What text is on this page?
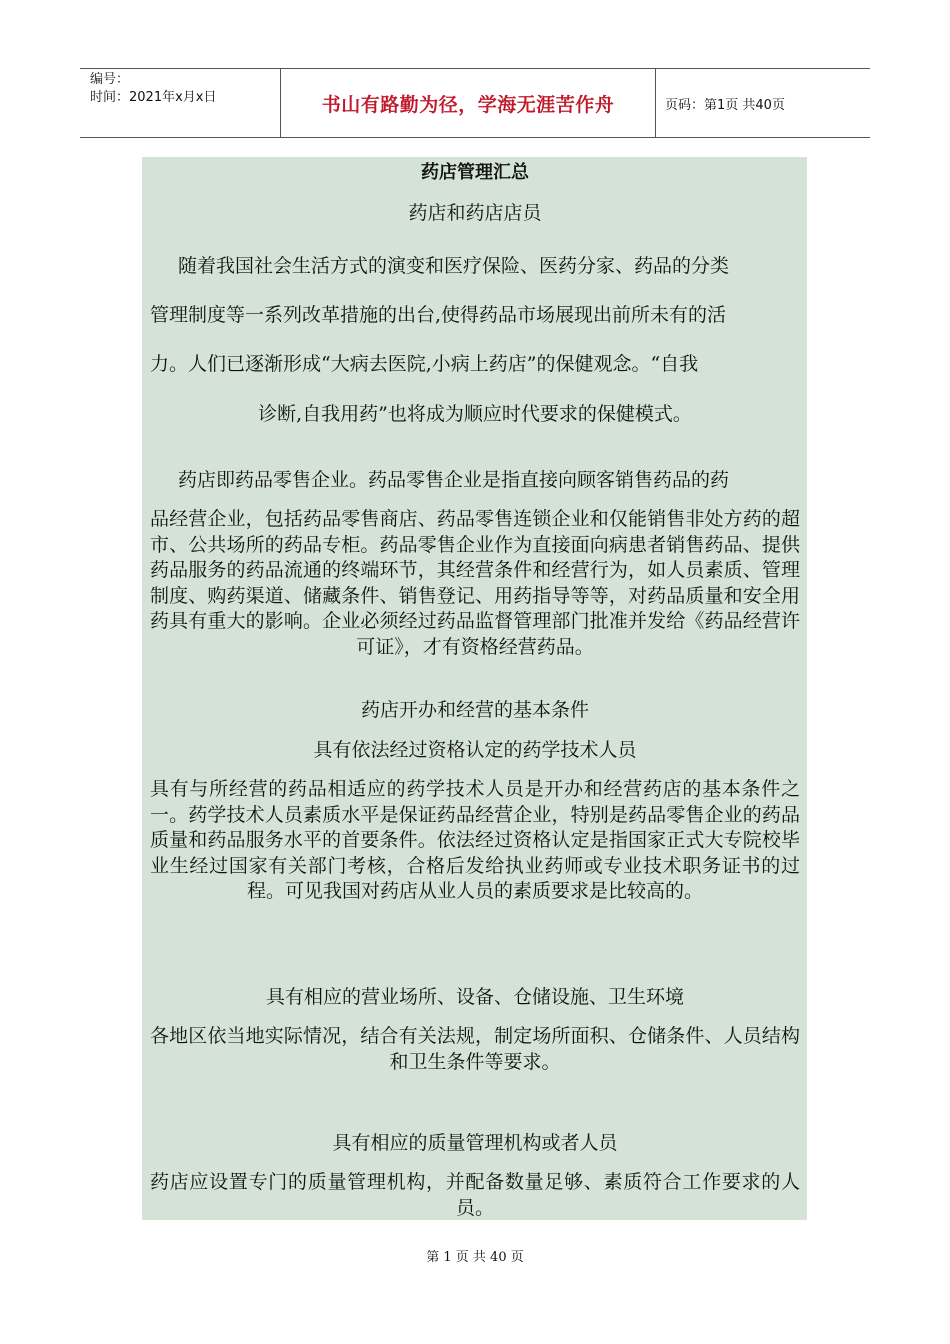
编号：
时间：2021年x月x日	书山有路勤为径，学海无涯苦作舟	页码：第1页 共40页
药店管理汇总
药店和药店店员
随着我国社会生活方式的演变和医疗保险、医药分家、药品的分类
管理制度等一系列改革措施的出台,使得药品市场展现出前所未有的活
力。人们已逐渐形成“大病去医院,小病上药店”的保健观念。“自我
诊断,自我用药”也将成为顺应时代要求的保健模式。
药店即药品零售企业。药品零售企业是指直接向顾客销售药品的药
品经营企业，包括药品零售商店、药品零售连锁企业和仅能销售非处方药的超市、公共场所的药品专柜。药品零售企业作为直接面向病患者销售药品、提供药品服务的药品流通的终端环节，其经营条件和经营行为，如人员素质、管理制度、购药渠道、储藏条件、销售登记、用药指导等等，对药品质量和安全用药具有重大的影响。企业必须经过药品监督管理部门批准并发给《药品经营许可证》，才有资格经营药品。
药店开办和经营的基本条件
具有依法经过资格认定的药学技术人员
具有与所经营的药品相适应的药学技术人员是开办和经营药店的基本条件之一。药学技术人员素质水平是保证药品经营企业，特别是药品零售企业的药品质量和药品服务水平的首要条件。依法经过资格认定是指国家正式大专院校毕业生经过国家有关部门考核，合格后发给执业药师或专业技术职务证书的过程。可见我国对药店从业人员的素质要求是比较高的。
具有相应的营业场所、设备、仓储设施、卫生环境
各地区依当地实际情况，结合有关法规，制定场所面积、仓储条件、人员结构和卫生条件等要求。
具有相应的质量管理机构或者人员
药店应设置专门的质量管理机构，并配备数量足够、素质符合工作要求的人员。
第 1 页 共 40 页
